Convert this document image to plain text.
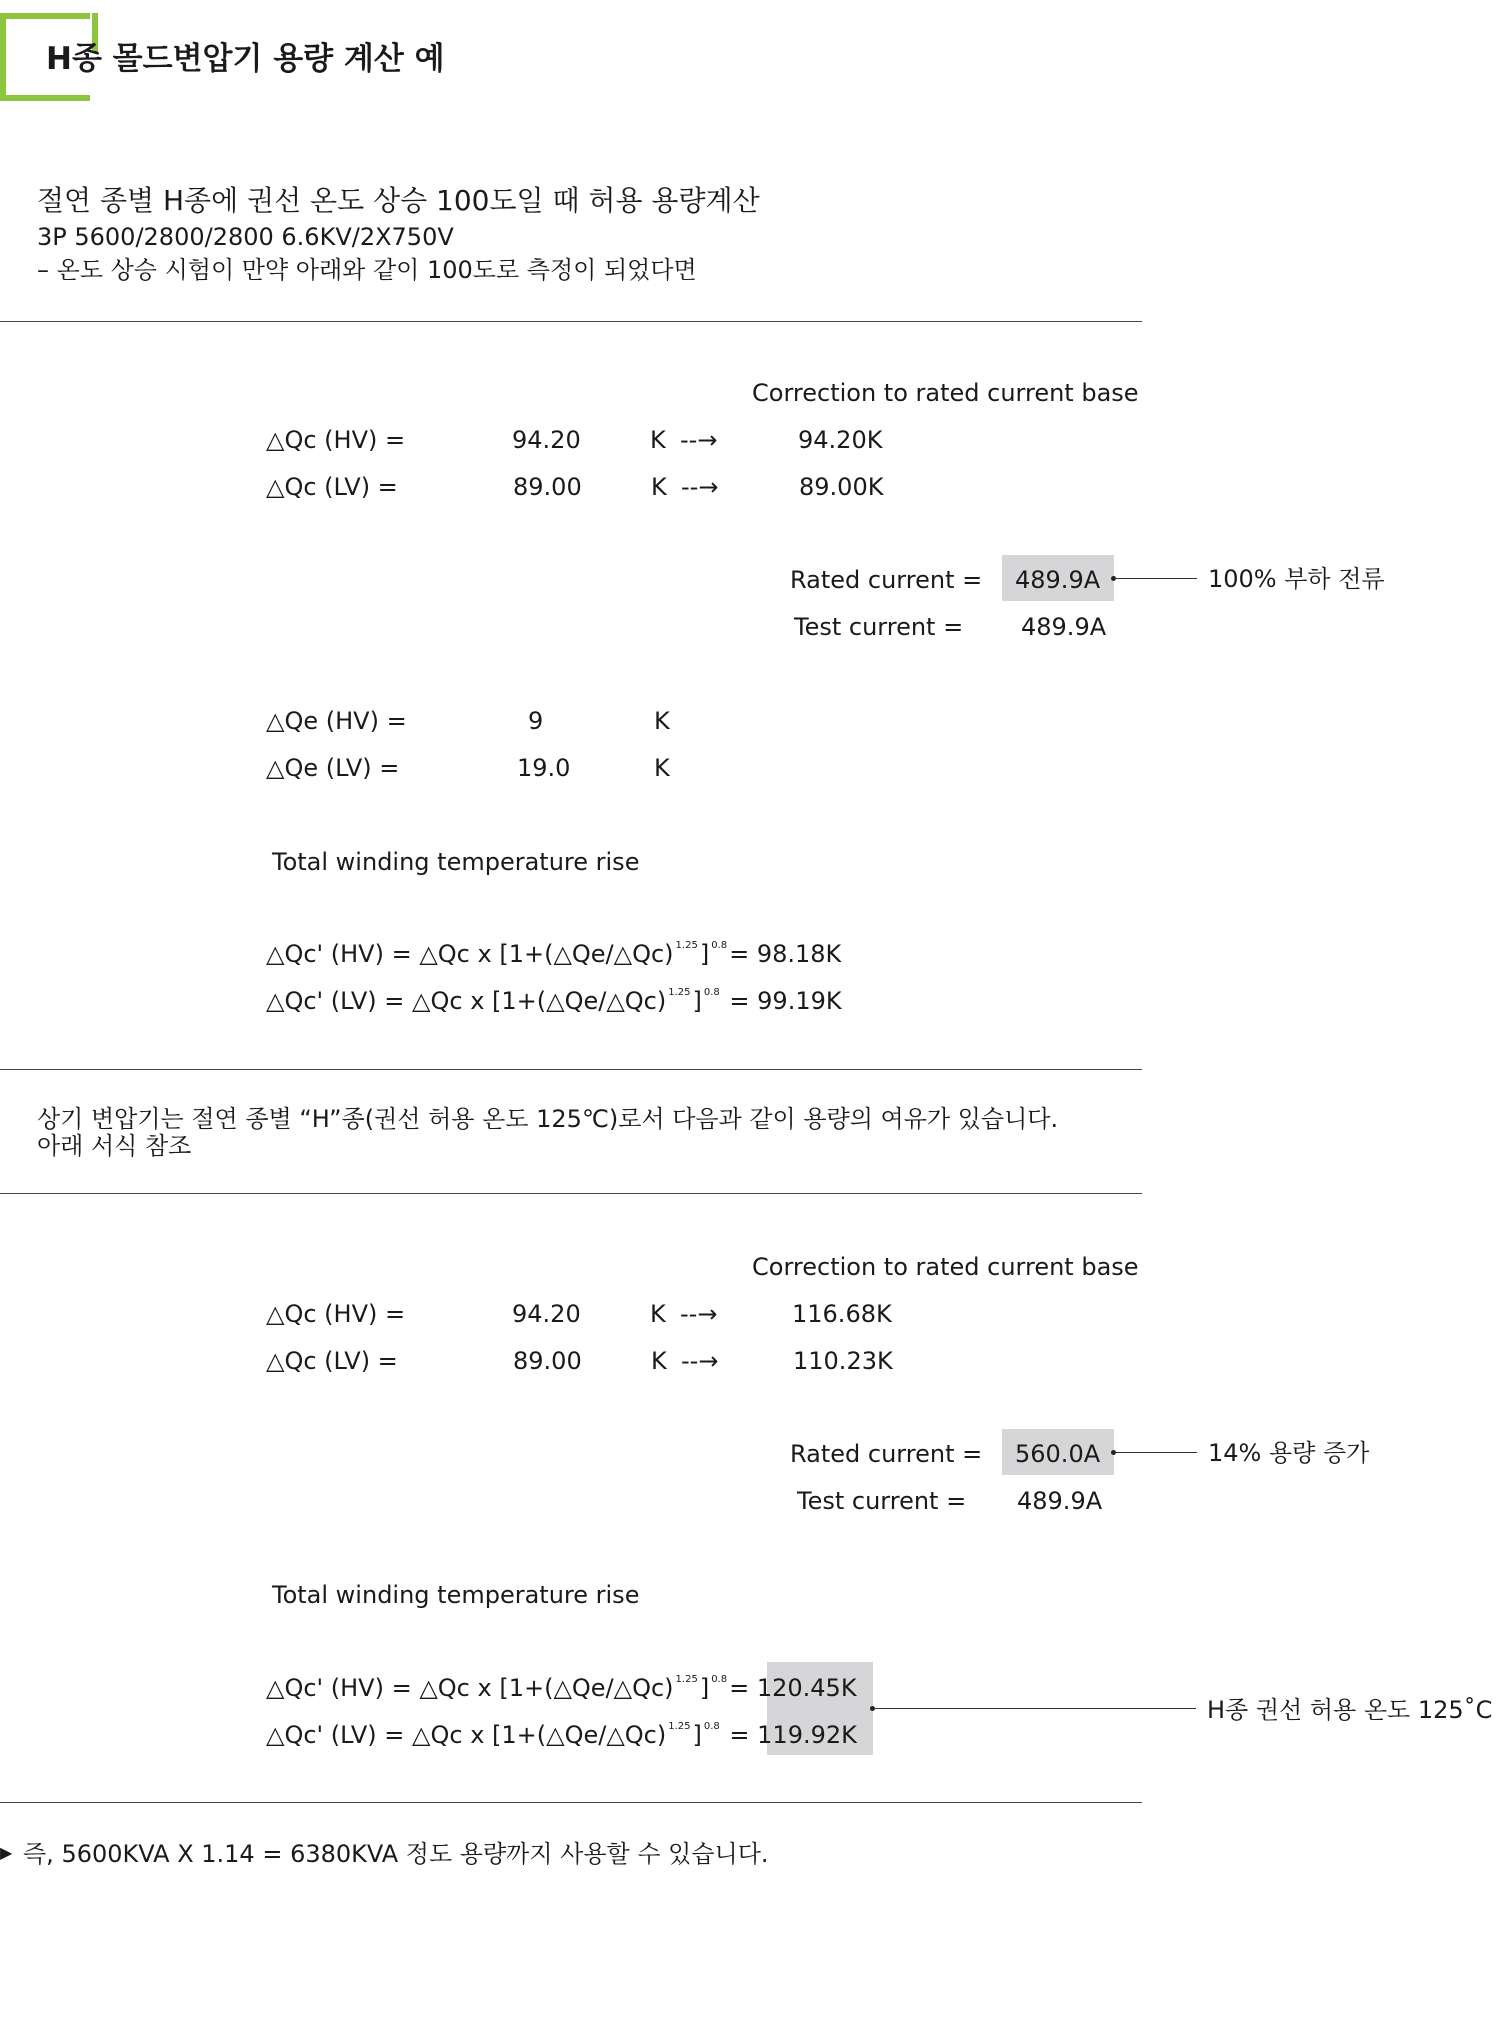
H종 몰드변압기 용량 계산 예
절연 종별 H종에 권선 온도 상승 100도일 때 허용 용량계산
3P 5600/2800/2800 6.6KV/2X750V
– 온도 상승 시험이 만약 아래와 같이 100도로 측정이 되었다면
Correction to rated current base
△Qc (HV) =	94.20	K --→	94.20K
△Qc (LV) =	89.00	K --→	89.00K
Rated current = 489.9A	100% 부하 전류
Test current = 489.9A
△Qe (HV) =	9	K
△Qe (LV) =	19.0	K
Total winding temperature rise
△Qc' (HV) = △Qc x [1+(△Qe/△Qc) $^{1.25}$] $^{0.8}$= 98.18K
△Qc' (LV) = △Qc x [1+(△Qe/△Qc) $^{1.25}$] $^{0.8}$ = 99.19K
상기 변압기는 절연 종별 “H”종(권선 허용 온도 125℃)로서 다음과 같이 용량의 여유가 있습니다.
아래 서식 참조
Correction to rated current base
△Qc (HV) =	94.20	K --→	116.68K
△Qc (LV) =	89.00	K --→	110.23K
Rated current = 560.0A	14% 용량 증가
Test current = 489.9A
Total winding temperature rise
△Qc' (HV) = △Qc x [1+(△Qe/△Qc) $^{1.25}$] $^{0.8}$= 120.45K
△Qc' (LV) = △Qc x [1+(△Qe/△Qc) $^{1.25}$] $^{0.8}$ = 119.92K
H종 권선 허용 온도 125˚C
▶ 즉, 5600KVA X 1.14 = 6380KVA 정도 용량까지 사용할 수 있습니다.
